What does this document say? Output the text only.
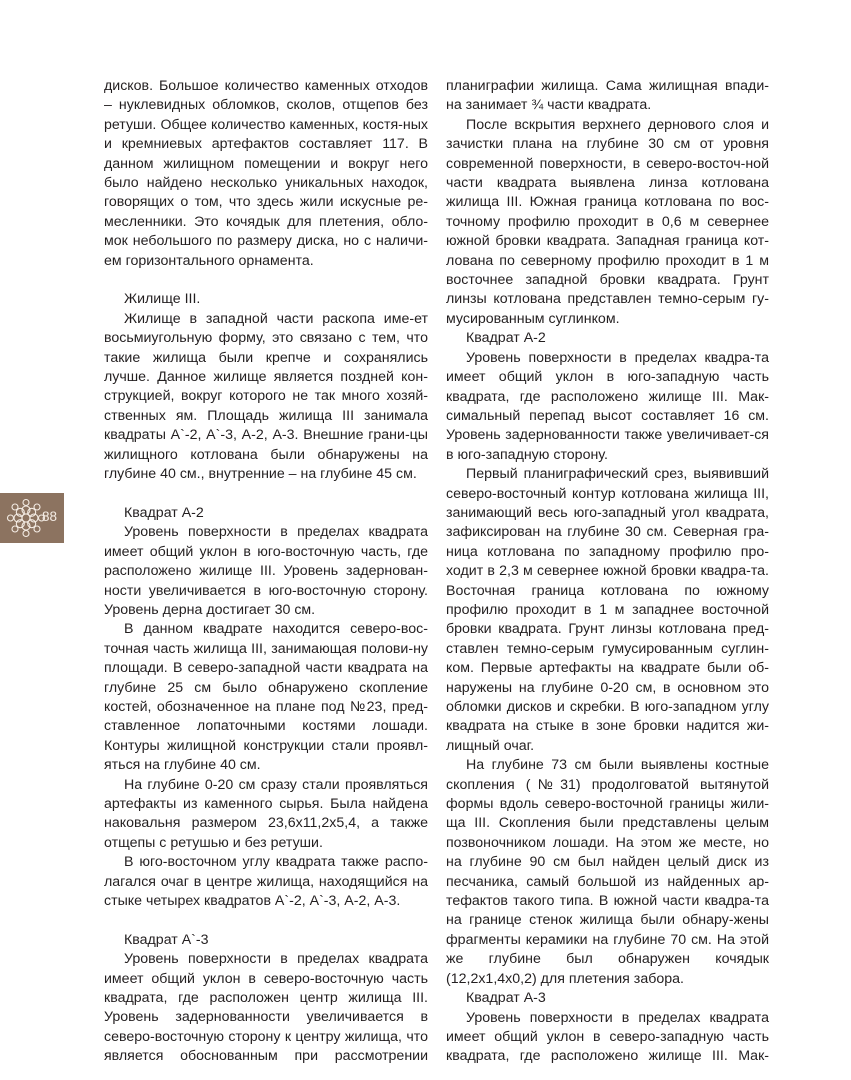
88

дисков. Большое количество каменных отходов – нуклевидных обломков, сколов, отщепов без ретуши. Общее количество каменных, костя-ных и кремниевых артефактов составляет 117. В данном жилищном помещении и вокруг него было найдено несколько уникальных находок, говорящих о том, что здесь жили искусные ре-месленники. Это кочядык для плетения, обло-мок небольшого по размеру диска, но с наличи-ем горизонтального орнамента.

Жилище III.

Жилище в западной части раскопа име-ет восьмиугольную форму, это связано с тем, что такие жилища были крепче и сохранялись лучше. Данное жилище является поздней кон-струкцией, вокруг которого не так много хозяй-ственных ям. Площадь жилища III занимала квадраты А`-2, А`-3, А-2, А-3. Внешние грани-цы жилищного котлована были обнаружены на глубине 40 см., внутренние – на глубине 45 см.

Квадрат А-2

Уровень поверхности в пределах квадрата имеет общий уклон в юго-восточную часть, где расположено жилище III. Уровень задернован-ности увеличивается в юго-восточную сторону. Уровень дерна достигает 30 см.

В данном квадрате находится северо-вос-точная часть жилища III, занимающая полови-ну площади. В северо-западной части квадрата на глубине 25 см было обнаружено скопление костей, обозначенное на плане под №23, пред-ставленное лопаточными костями лошади. Контуры жилищной конструкции стали проявл-яться на глубине 40 см.

На глубине 0-20 см сразу стали проявляться артефакты из каменного сырья. Была найдена наковальня размером 23,6х11,2х5,4, а также отщепы с ретушью и без ретуши.

В юго-восточном углу квадрата также распо-лагался очаг в центре жилища, находящийся на стыке четырех квадратов А`-2, А`-3, А-2, А-3.

Квадрат А`-3

Уровень поверхности в пределах квадрата имеет общий уклон в северо-восточную часть квадрата, где расположен центр жилища III. Уровень задернованности увеличивается в северо-восточную сторону к центру жилища, что является обоснованным при рассмотрении

планиграфии жилища. Сама жилищная впади-на занимает ¾ части квадрата.

После вскрытия верхнего дернового слоя и зачистки плана на глубине 30 см от уровня современной поверхности, в северо-восточ-ной части квадрата выявлена линза котлована жилища III. Южная граница котлована по вос-точному профилю проходит в 0,6 м севернее южной бровки квадрата. Западная граница кот-лована по северному профилю проходит в 1 м восточнее западной бровки квадрата. Грунт линзы котлована представлен темно-серым гу-мусированным суглинком.

Квадрат А-2

Уровень поверхности в пределах квадра-та имеет общий уклон в юго-западную часть квадрата, где расположено жилище III. Мак-симальный перепад высот составляет 16 см. Уровень задернованности также увеличивает-ся в юго-западную сторону.

Первый планиграфический срез, выявивший северо-восточный контур котлована жилища III, занимающий весь юго-западный угол квадрата, зафиксирован на глубине 30 см. Северная гра-ница котлована по западному профилю про-ходит в 2,3 м севернее южной бровки квадра-та. Восточная граница котлована по южному профилю проходит в 1 м западнее восточной бровки квадрата. Грунт линзы котлована пред-ставлен темно-серым гумусированным суглин-ком. Первые артефакты на квадрате были об-наружены на глубине 0-20 см, в основном это обломки дисков и скребки. В юго-западном углу квадрата на стыке в зоне бровки надится жи-лищный очаг.

На глубине 73 см были выявлены костные скопления (№31) продолговатой вытянутой формы вдоль северо-восточной границы жили-ща III. Скопления были представлены целым позвоночником лошади. На этом же месте, но на глубине 90 см был найден целый диск из песчаника, самый большой из найденных ар-тефактов такого типа. В южной части квадра-та на границе стенок жилища были обнару-жены фрагменты керамики на глубине 70 см. На этой же глубине был обнаружен кочядык (12,2х1,4х0,2) для плетения забора.

Квадрат А-3

Уровень поверхности в пределах квадрата имеет общий уклон в северо-западную часть квадрата, где расположено жилище III. Мак-
